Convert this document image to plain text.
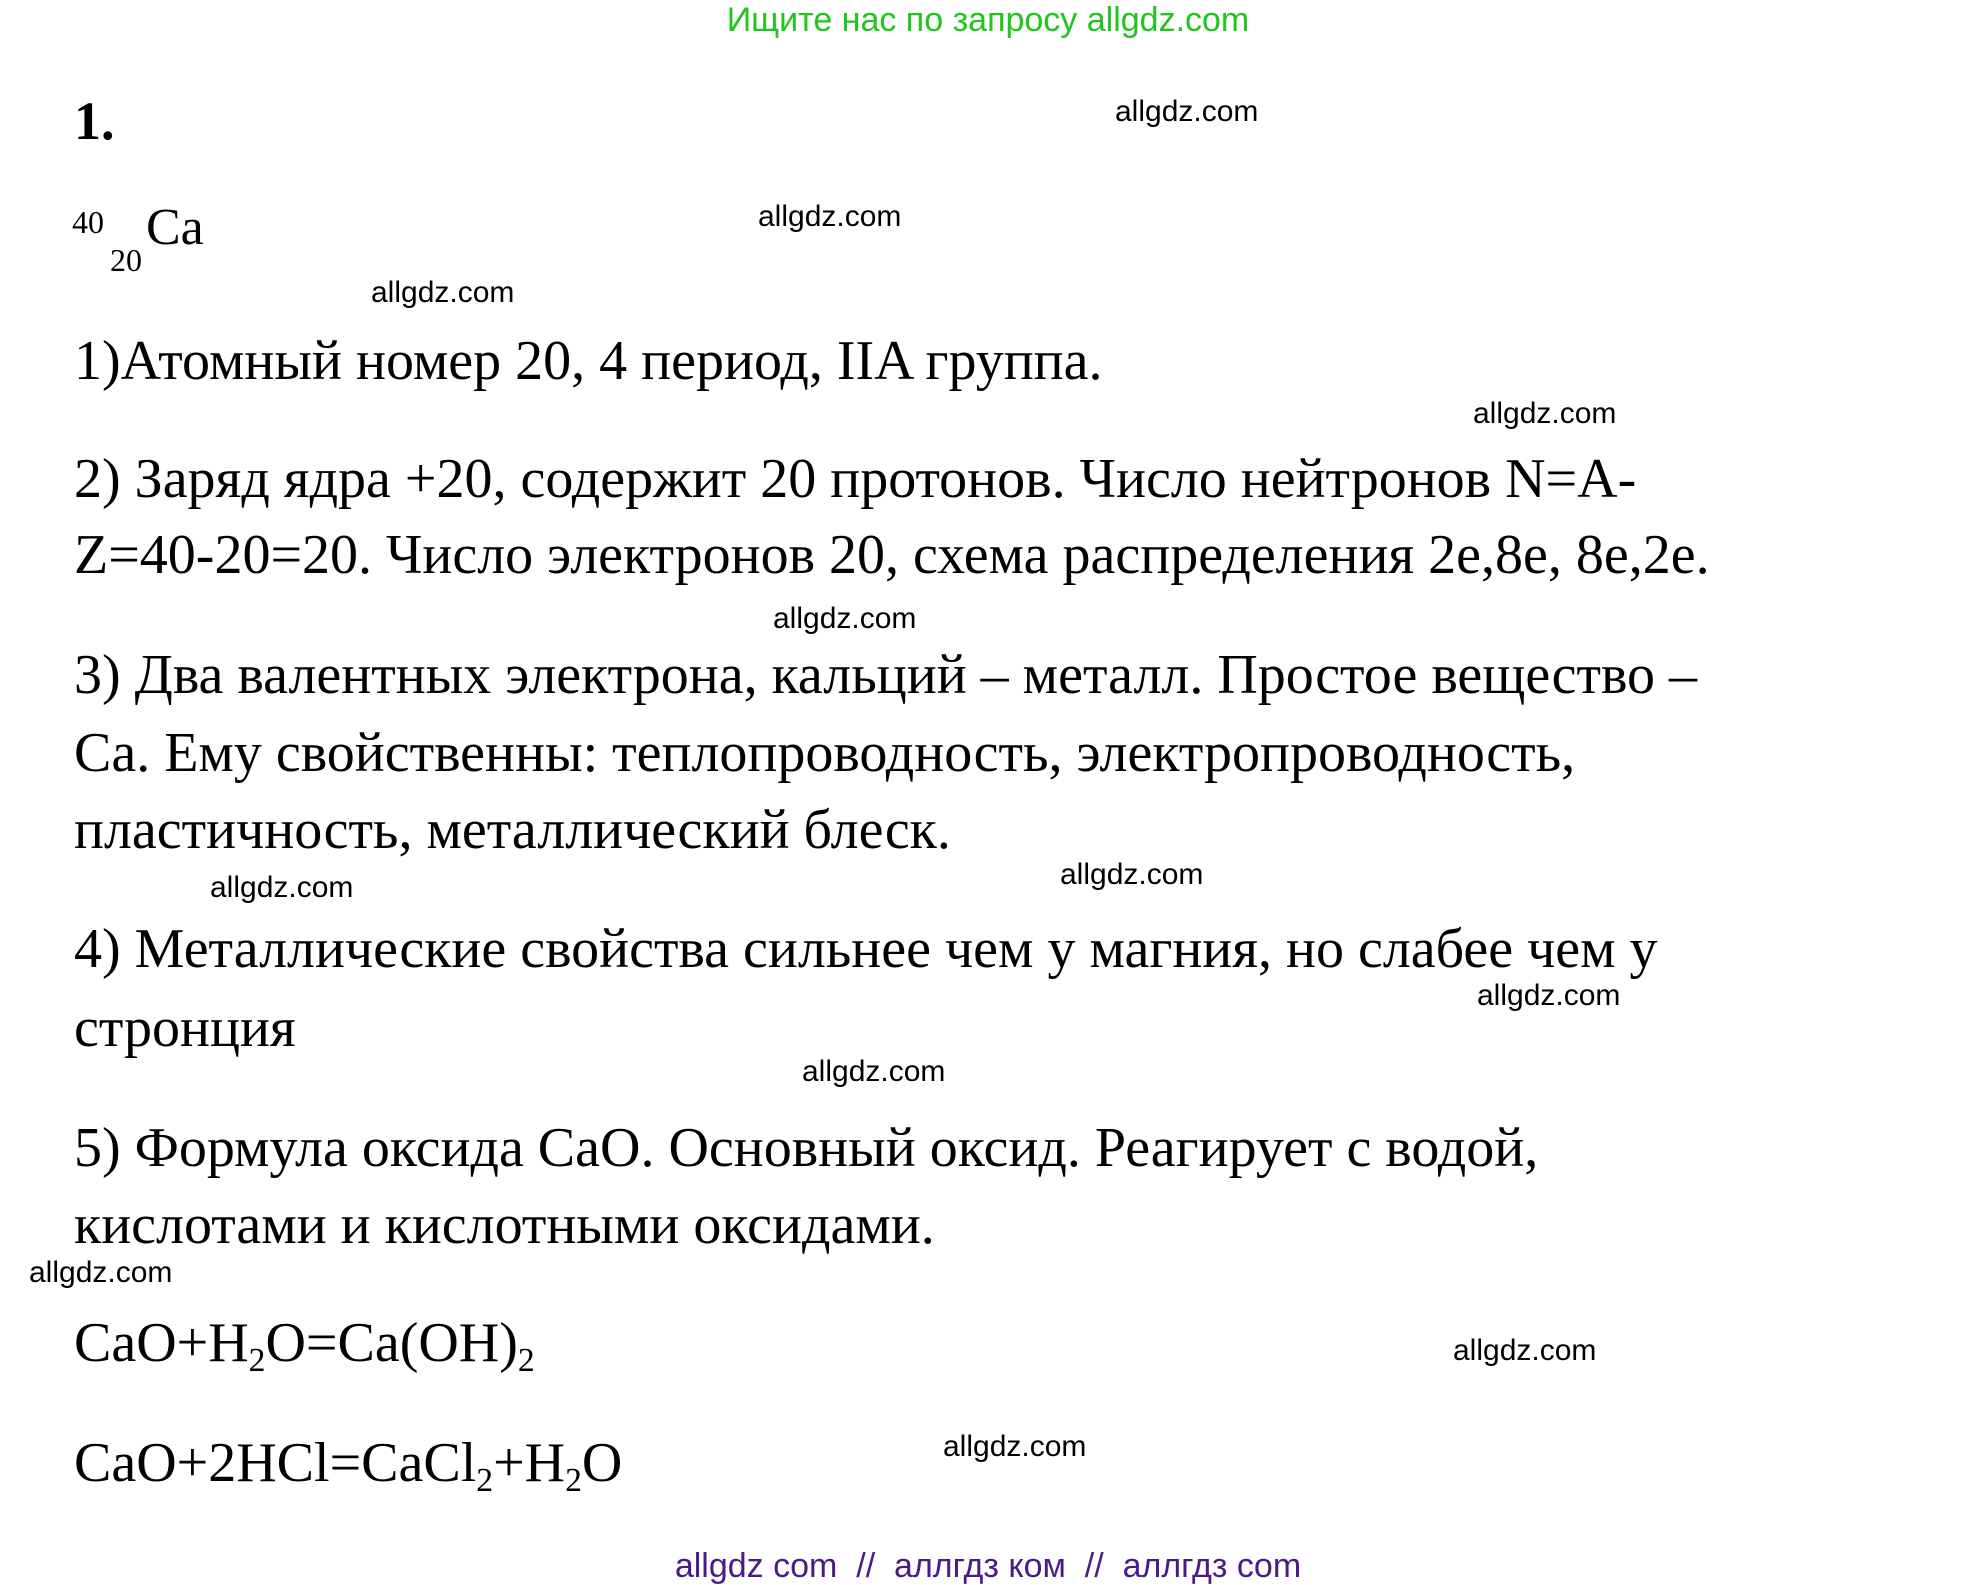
Ищите нас по запросу allgdz.com
1.
40
20
Ca
1)Атомный номер 20, 4 период, IIA группа.
2) Заряд ядра +20, содержит 20 протонов. Число нейтронов N=A-
Z=40-20=20. Число электронов 20, схема распределения 2e,8e, 8e,2e.
3) Два валентных электрона, кальций – металл. Простое вещество –
Ca. Ему свойственны: теплопроводность, электропроводность,
пластичность, металлический блеск.
4) Металлические свойства сильнее чем у магния, но слабее чем у
стронция
5) Формула оксида CaO. Основный оксид. Реагирует с водой,
кислотами и кислотными оксидами.
$CaO+H_2O=Ca(OH)_2$
$CaO+2HCl=CaCl_2+H_2O$
allgdz.com
allgdz.com
allgdz.com
allgdz.com
allgdz.com
allgdz.com
allgdz.com
allgdz.com
allgdz.com
allgdz.com
allgdz.com
allgdz.com
allgdz com  //  аллгдз ком  //  аллгдз com
